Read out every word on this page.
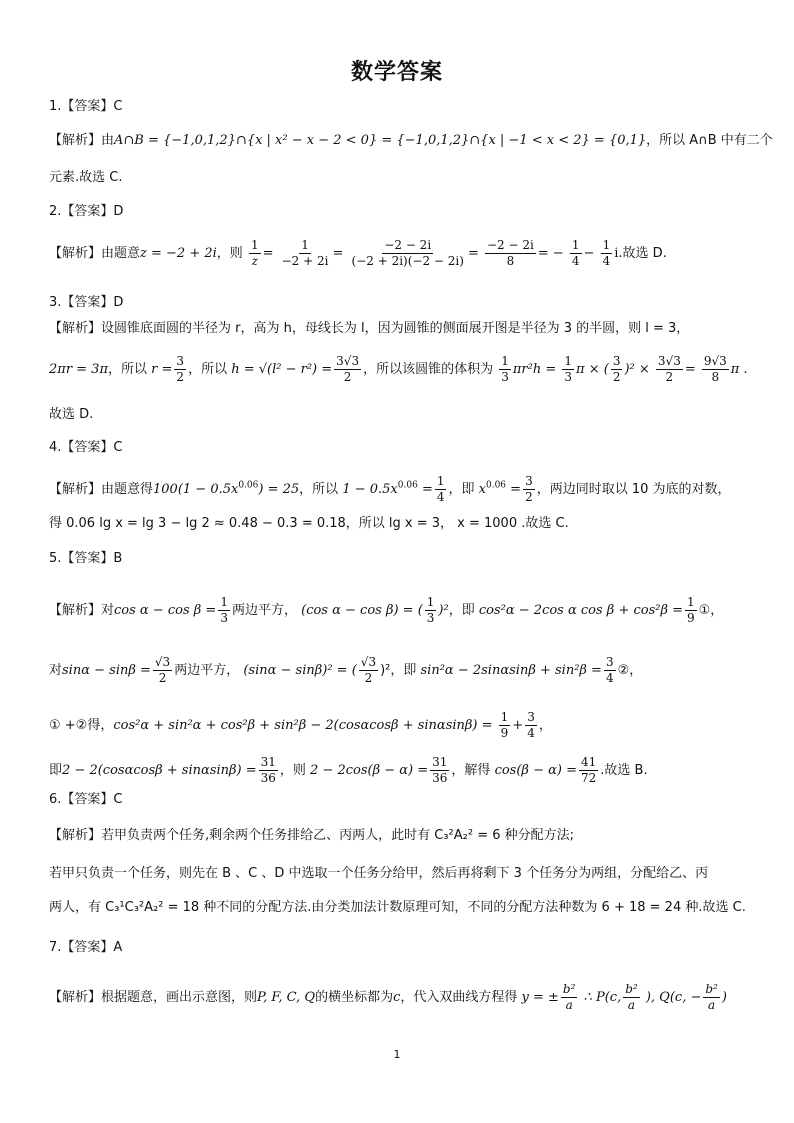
数学答案
1.【答案】C
【解析】由A∩B = {−1,0,1,2}∩{x | x² − x − 2 < 0} = {−1,0,1,2}∩{x | −1 < x < 2} = {0,1}，所以 A∩B 中有二个
元素.故选 C.
2.【答案】D
【解析】由题意z = −2 + 2i，则 $\frac{1}{z} = \frac{1}{-2 + 2i} = \frac{-2 - 2i}{(-2 + 2i)(-2 - 2i)} = \frac{-2 - 2i}{8}$ = − $\frac{1}{4} - \frac{1}{4} i$.故选 D.
3.【答案】D
【解析】设圆锥底面圆的半径为 r，高为 h，母线长为 l，因为圆锥的侧面展开图是半径为 3 的半圆，则 l = 3，
2πr = 3π，所以 $r = \frac{3}{2}$ ，所以 $h = √(l^2 - r^2) = \frac{3√3}{2}$ ，所以该圆锥的体积为 $\frac{1}{3} \pi r^2h = \frac{1}{3}$ π × ( $\frac{3}{2} )^2 \times \frac{3√3}{2} = \frac{9√3}{8}$ π .
故选 D.
4.【答案】C
【解析】由题意得$100(1 - 0.5x^{0.06}) = 25$，所以 $1 - 0.5x^{0.06} = \frac{1}{4}$ ，即 $x^{0.06} = \frac{3}{2}$ ，两边同时取以 10 为底的对数，
得 0.06 lg x = lg 3 − lg 2 ≈ 0.48 − 0.3 = 0.18，所以 lg x = 3， x = 1000 .故选 C.
5.【答案】B
【解析】对$\cos \alpha - \cos \beta = \frac{1}{3}$ 两边平方， (cos α − cos β) = ( $\frac{1}{3} )^2$，即 cos²α − 2cos α $\cos \beta + \cos^2\beta = \frac{1}{9}$ ①，
对$\sin\alpha - \sin\beta = \frac{√3}{2}$ 两边平方， (sinα − sinβ)² = ( $\frac{√3}{2} )^2$，即 $\sin^2\alpha - 2\sin\alpha\sin\beta + \sin^2\beta = \frac{3}{4}$ ②，
① +②得，$\cos^2\alpha + \sin^2\alpha + \cos^2\beta + \sin^2\beta - 2(\cos\alpha\cos\beta + \sin\alpha\sin\beta) = \frac{1}{9} + \frac{3}{4}$ ，
即$2 - 2(\cos\alpha\cos\beta + \sin\alpha\sin\beta) = \frac{31}{36}$ ，则 $2 - 2\cos(\beta - \alpha) = \frac{31}{36}$ ，解得 $\cos(\beta - \alpha) = \frac{41}{72}$ .故选 B.
6.【答案】C
【解析】若甲负责两个任务,剩余两个任务排给乙、丙两人，此时有 C₃²A₂² = 6 种分配方法;
若甲只负责一个任务，则先在 B 、C 、D 中选取一个任务分给甲，然后再将剩下 3 个任务分为两组，分配给乙、丙
两人，有 C₃¹C₃²A₂² = 18 种不同的分配方法.由分类加法计数原理可知，不同的分配方法种数为 6 + 18 = 24 种.故选 C.
7.【答案】A
【解析】根据题意，画出示意图，则P, F, C, Q的横坐标都为c，代入双曲线方程得 y = ± $\frac{\text{b²}}{a}$ ∴ P(c, $\frac{\text{b²}}{a}$ ), Q(c, − $\frac{\text{b²}}{a}$ )
1
